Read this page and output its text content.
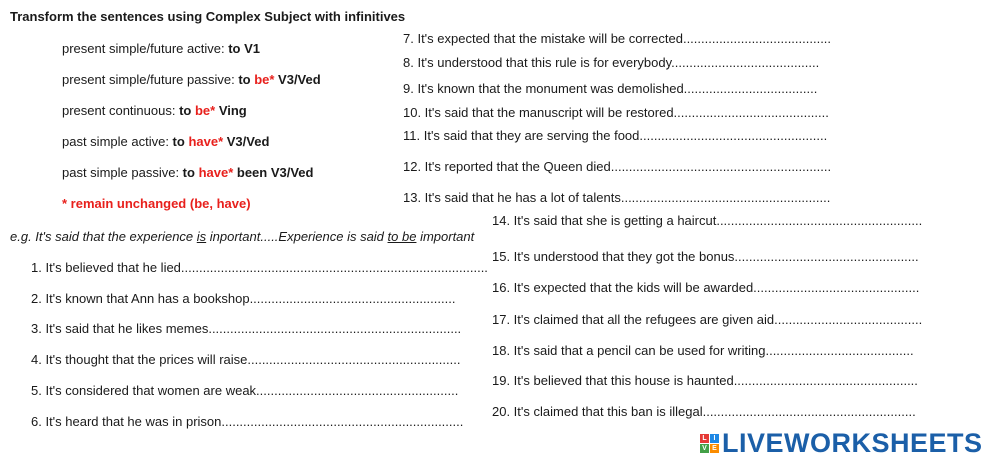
Transform the sentences using Complex Subject with infinitives
present simple/future active: to V1
present simple/future passive: to be* V3/Ved
present continuous: to be* Ving
past simple active: to have* V3/Ved
past simple passive: to have* been V3/Ved
* remain unchanged (be, have)
e.g. It's said that the experience is inportant.....Experience is said to be important
1. It's believed that he lied.....................................................................................
2. It's known that Ann has a bookshop.........................................................
3. It's said that he likes memes......................................................................
4. It's thought that the prices will raise...........................................................
5. It's considered that women are weak........................................................
6. It's heard that he was in prison...................................................................
7. It's expected that the mistake will be corrected.........................................
8. It's understood that this rule is for everybody.........................................
9. It's known that the monument was demolished.....................................
10. It's said that the manuscript will be restored...........................................
11. It's said that they are serving the food....................................................
12. It's reported that the Queen died.............................................................
13. It's said that he has a lot of talents..........................................................
14. It's said that she is getting a haircut.........................................................
15. It's understood that they got the bonus...................................................
16. It's expected that the kids will be awarded..............................................
17. It's claimed that all the refugees are given aid.........................................
18. It's said that a pencil can be used for writing.........................................
19. It's believed that this house is haunted...................................................
20. It's claimed that this ban is illegal...........................................................
L I
V E LIVEWORKSHEETS
